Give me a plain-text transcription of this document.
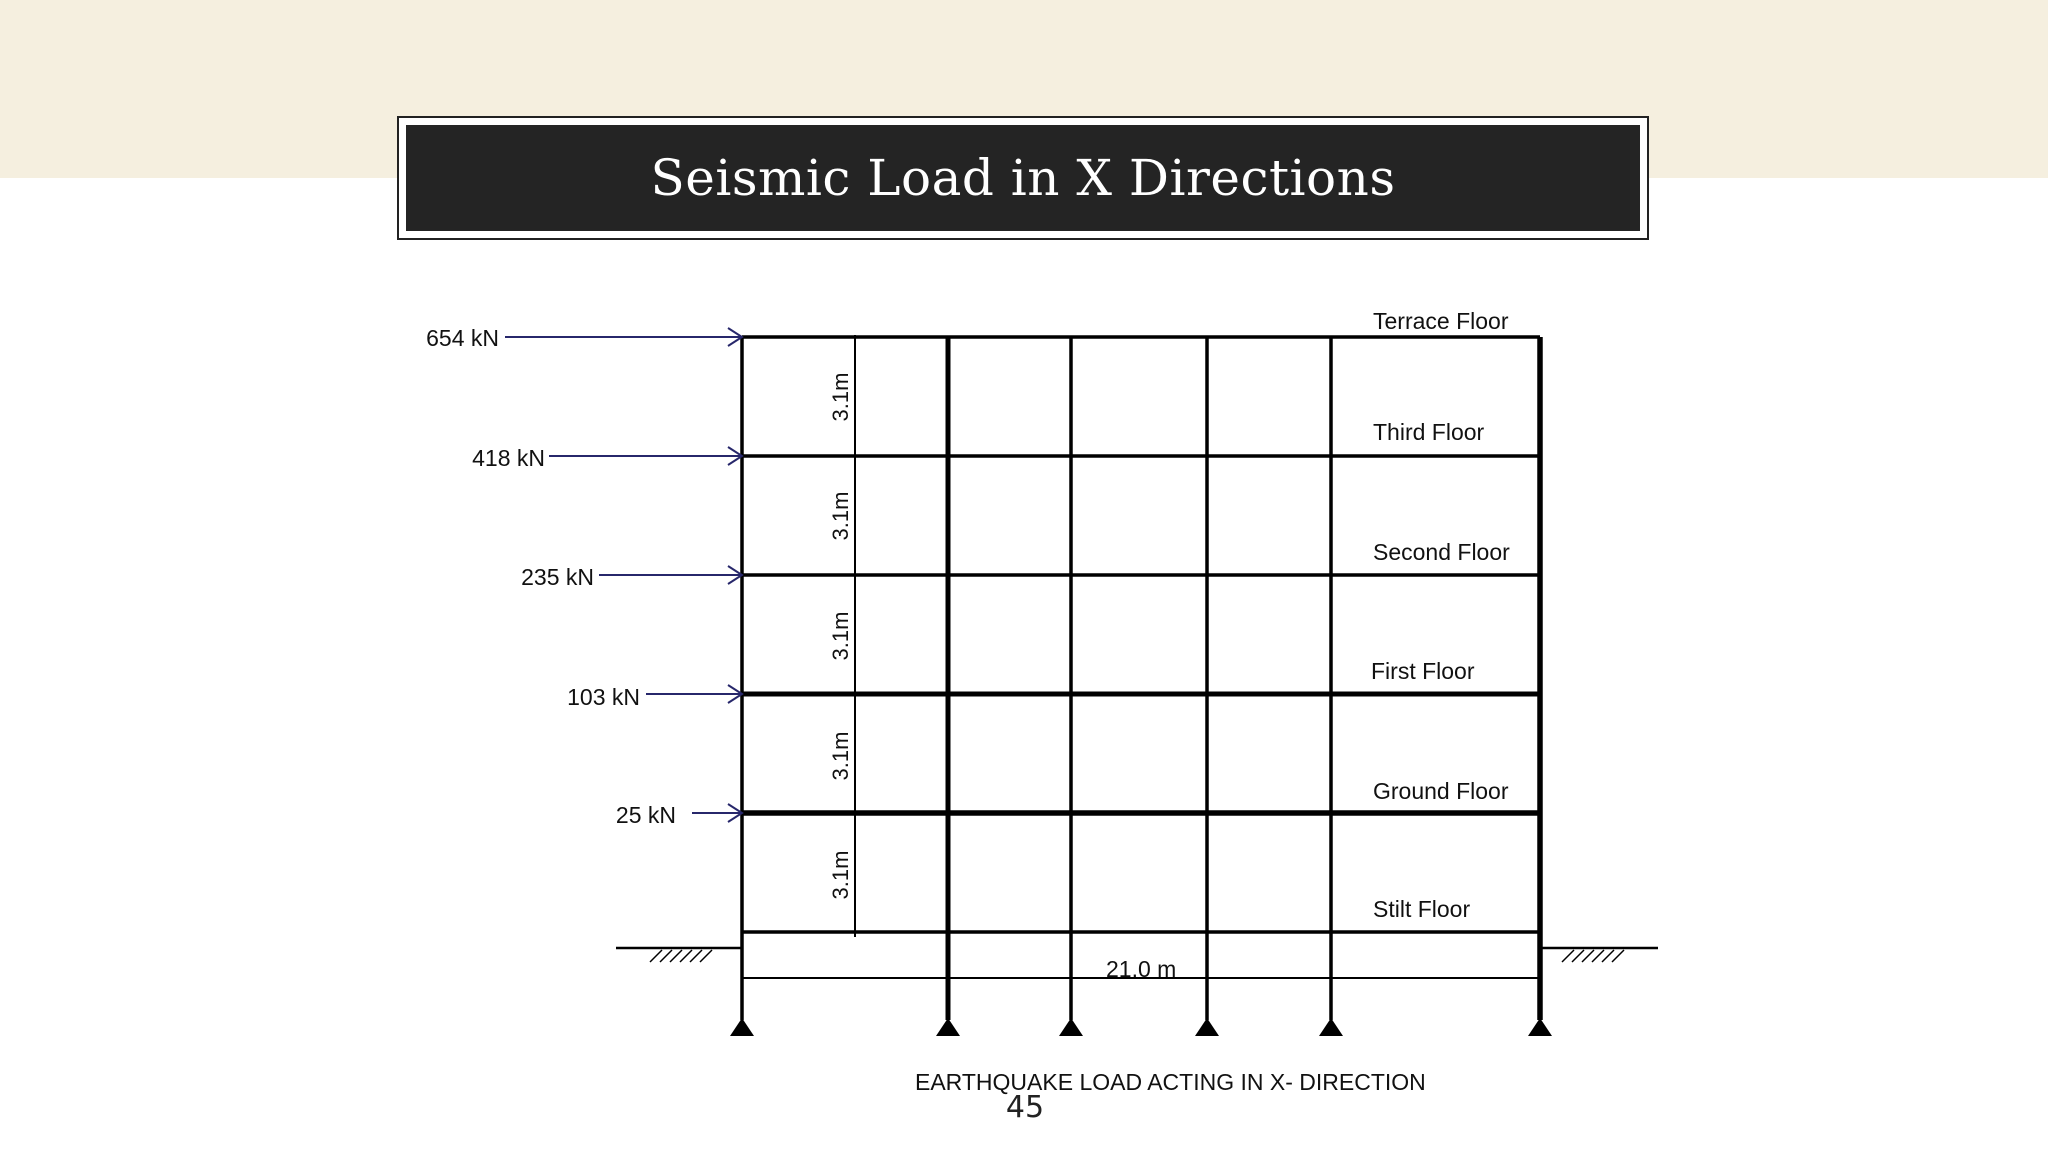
Seismic Load in X Directions
654 kN
418 kN
235 kN
103 kN
25 kN
Terrace Floor
Third Floor
Second Floor
First Floor
Ground Floor
Stilt Floor
3.1m
3.1m
3.1m
3.1m
3.1m
21.0 m
EARTHQUAKE LOAD ACTING IN X- DIRECTION
45
